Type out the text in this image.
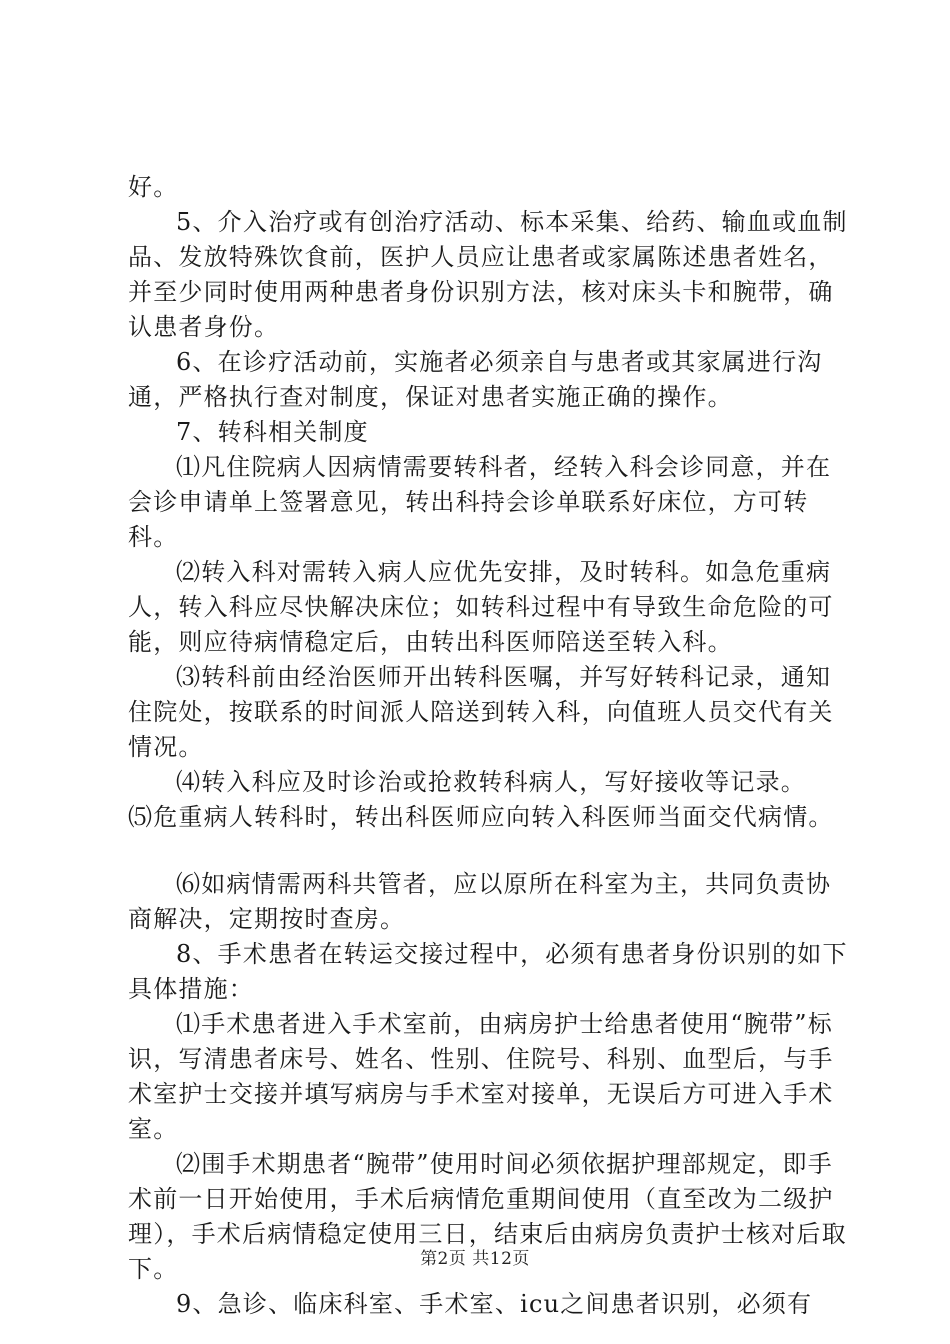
好。

5、介入治疗或有创治疗活动、标本采集、给药、输血或血制品、发放特殊饮食前，医护人员应让患者或家属陈述患者姓名，并至少同时使用两种患者身份识别方法，核对床头卡和腕带，确认患者身份。

6、在诊疗活动前，实施者必须亲自与患者或其家属进行沟通，严格执行查对制度，保证对患者实施正确的操作。

7、转科相关制度

⑴凡住院病人因病情需要转科者，经转入科会诊同意，并在会诊申请单上签署意见，转出科持会诊单联系好床位，方可转科。

⑵转入科对需转入病人应优先安排，及时转科。如急危重病人，转入科应尽快解决床位；如转科过程中有导致生命危险的可能，则应待病情稳定后，由转出科医师陪送至转入科。

⑶转科前由经治医师开出转科医嘱，并写好转科记录，通知住院处，按联系的时间派人陪送到转入科，向值班人员交代有关情况。

⑷转入科应及时诊治或抢救转科病人，写好接收等记录。

⑸危重病人转科时，转出科医师应向转入科医师当面交代病情。

⑹如病情需两科共管者，应以原所在科室为主，共同负责协商解决，定期按时查房。

8、手术患者在转运交接过程中，必须有患者身份识别的如下具体措施：

⑴手术患者进入手术室前，由病房护士给患者使用“腕带”标识，写清患者床号、姓名、性别、住院号、科别、血型后，与手术室护士交接并填写病房与手术室对接单，无误后方可进入手术室。

⑵围手术期患者“腕带”使用时间必须依据护理部规定，即手术前一日开始使用，手术后病情危重期间使用（直至改为二级护理），手术后病情稳定使用三日，结束后由病房负责护士核对后取下。

9、急诊、临床科室、手术室、icu之间患者识别，必须有

第2页 共12页
